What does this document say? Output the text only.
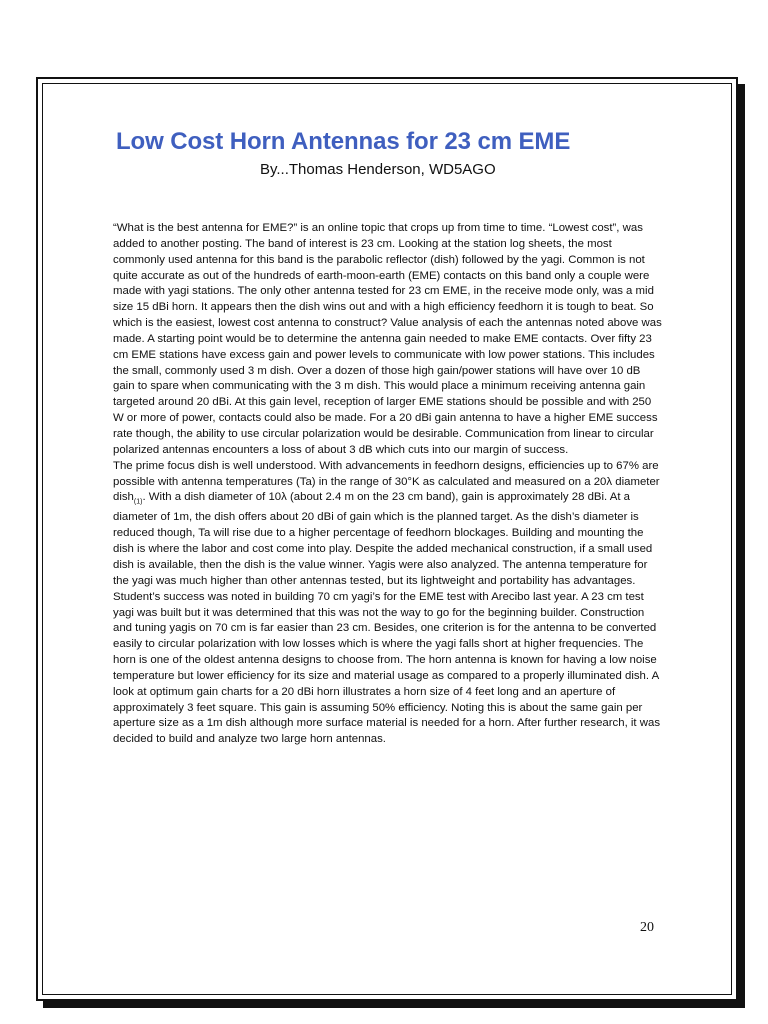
Low Cost Horn Antennas for 23 cm EME

By...Thomas Henderson, WD5AGO

“What is the best antenna for EME?” is an online topic that crops up from time to time. “Lowest cost”, was added to another posting. The band of interest is 23 cm. Looking at the station log sheets, the most commonly used antenna for this band is the parabolic reflector (dish) followed by the yagi. Common is not quite accurate as out of the hundreds of earth-moon-earth (EME) contacts on this band only a couple were made with yagi stations. The only other antenna tested for 23 cm EME, in the receive mode only, was a mid size 15 dBi horn. It appears then the dish wins out and with a high efficiency feedhorn it is tough to beat. So which is the easiest, lowest cost antenna to construct? Value analysis of each the antennas noted above was made. A starting point would be to determine the antenna gain needed to make EME contacts. Over fifty 23 cm EME stations have excess gain and power levels to communicate with low power stations. This includes the small, commonly used 3 m dish. Over a dozen of those high gain/power stations will have over 10 dB gain to spare when communicating with the 3 m dish. This would place a minimum receiving antenna gain targeted around 20 dBi. At this gain level, reception of larger EME stations should be possible and with 250 W or more of power, contacts could also be made. For a 20 dBi gain antenna to have a higher EME success rate though, the ability to use circular polarization would be desirable. Communication from linear to circular polarized antennas encounters a loss of about 3 dB which cuts into our margin of success.

The prime focus dish is well understood. With advancements in feedhorn designs, efficiencies up to 67% are possible with antenna temperatures (Ta) in the range of 30°K as calculated and measured on a 20λ diameter dish$_{(1)}$. With a dish diameter of 10λ (about 2.4 m on the 23 cm band), gain is approximately 28 dBi. At a diameter of 1m, the dish offers about 20 dBi of gain which is the planned target. As the dish’s diameter is reduced though, Ta will rise due to a higher percentage of feedhorn blockages. Building and mounting the dish is where the labor and cost come into play. Despite the added mechanical construction, if a small used dish is available, then the dish is the value winner. Yagis were also analyzed. The antenna temperature for the yagi was much higher than other antennas tested, but its lightweight and portability has advantages. Student’s success was noted in building 70 cm yagi’s for the EME test with Arecibo last year. A 23 cm test yagi was built but it was determined that this was not the way to go for the beginning builder. Construction and tuning yagis on 70 cm is far easier than 23 cm. Besides, one criterion is for the antenna to be converted easily to circular polarization with low losses which is where the yagi falls short at higher frequencies. The horn is one of the oldest antenna designs to choose from. The horn antenna is known for having a low noise temperature but lower efficiency for its size and material usage as compared to a properly illuminated dish. A look at optimum gain charts for a 20 dBi horn illustrates a horn size of 4 feet long and an aperture of approximately 3 feet square. This gain is assuming 50% efficiency. Noting this is about the same gain per aperture size as a 1m dish although more surface material is needed for a horn. After further research, it was decided to build and analyze two large horn antennas.

20
